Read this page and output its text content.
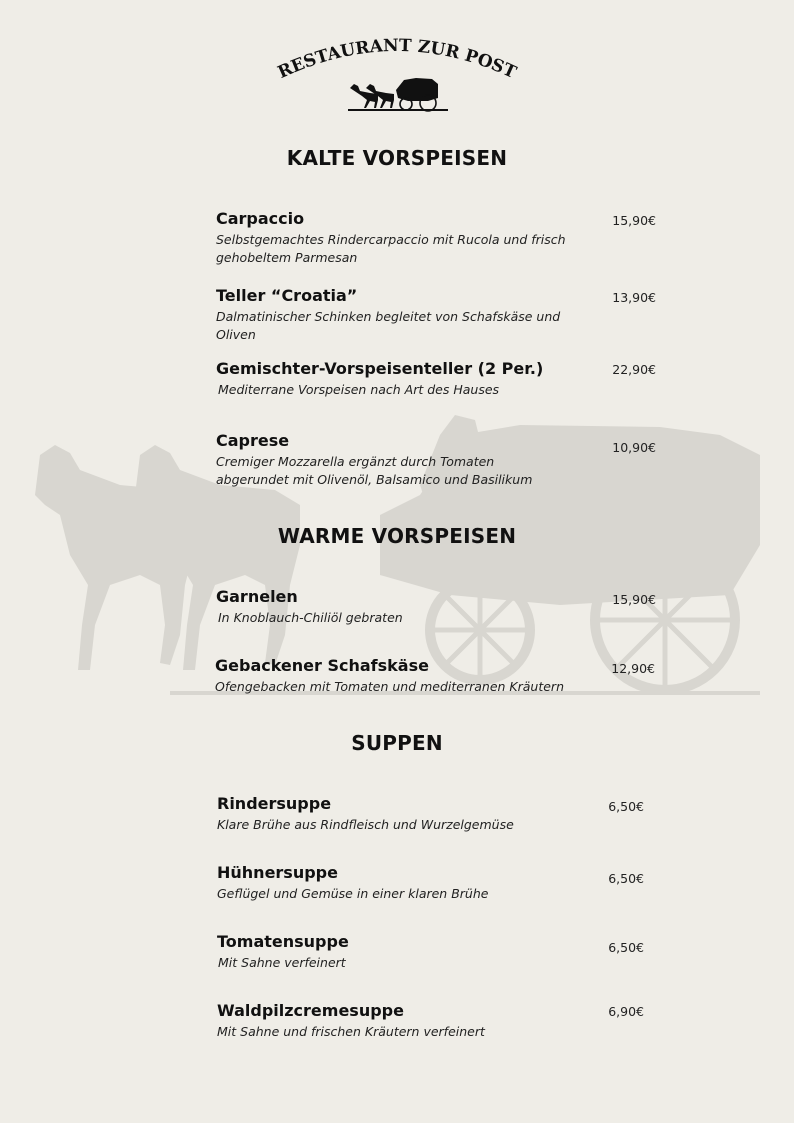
RESTAURANT ZUR POST
KALTE VORSPEISEN
Carpaccio
Selbstgemachtes Rindercarpaccio mit Rucola und frisch gehobeltem Parmesan
15,90€
Teller “Croatia”
Dalmatinischer Schinken begleitet von Schafskäse und Oliven
13,90€
Gemischter-Vorspeisenteller (2 Per.)
Mediterrane Vorspeisen nach Art des Hauses
22,90€
Caprese
Cremiger Mozzarella ergänzt durch Tomaten abgerundet mit Olivenöl, Balsamico und Basilikum
10,90€
WARME VORSPEISEN
Garnelen
In Knoblauch-Chiliöl gebraten
15,90€
Gebackener Schafskäse
Ofengebacken mit Tomaten und mediterranen Kräutern
12,90€
SUPPEN
Rindersuppe
Klare Brühe aus Rindfleisch und Wurzelgemüse
6,50€
Hühnersuppe
Geflügel und Gemüse in einer klaren Brühe
6,50€
Tomatensuppe
Mit Sahne verfeinert
6,50€
Waldpilzcremesuppe
Mit Sahne und frischen Kräutern verfeinert
6,90€
